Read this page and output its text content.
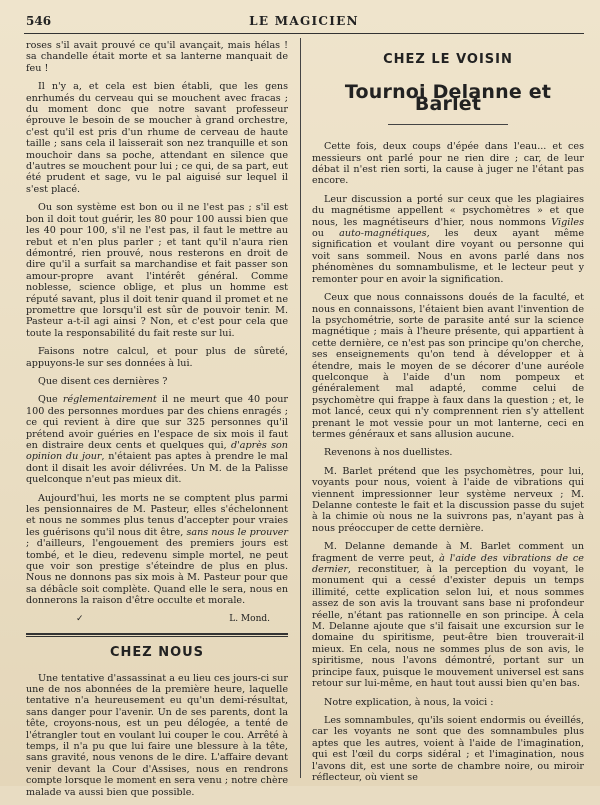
546	LE MAGICIEN

roses s'il avait prouvé ce qu'il avançait, mais hélas ! sa chandelle était morte et sa lanterne manquait de feu !

Il n'y a, et cela est bien établi, que les gens enrhumés du cerveau qui se mouchent avec fracas ; du moment donc que notre savant professeur éprouve le besoin de se moucher à grand orchestre, c'est qu'il est pris d'un rhume de cerveau de haute taille ; sans cela il laisserait son nez tranquille et son mouchoir dans sa poche, attendant en silence que d'autres se mouchent pour lui ; ce qui, de sa part, eut été prudent et sage, vu le pal aiguisé sur lequel il s'est placé.

Ou son système est bon ou il ne l'est pas ; s'il est bon il doit tout guérir, les 80 pour 100 aussi bien que les 40 pour 100, s'il ne l'est pas, il faut le mettre au rebut et n'en plus parler ; et tant qu'il n'aura rien démontré, rien prouvé, nous resterons en droit de dire qu'il a surfait sa marchandise et fait passer son amour-propre avant l'intérêt général. Comme noblesse, science oblige, et plus un homme est réputé savant, plus il doit tenir quand il promet et ne promettre que lorsqu'il est sûr de pouvoir tenir. M. Pasteur a-t-il agi ainsi ? Non, et c'est pour cela que toute la responsabilité du fait reste sur lui.

Faisons notre calcul, et pour plus de sûreté, appuyons-le sur ses données à lui.

Que disent ces dernières ?

Que réglementairement il ne meurt que 40 pour 100 des personnes mordues par des chiens enragés ; ce qui revient à dire que sur 325 personnes qu'il prétend avoir guéries en l'espace de six mois il faut en distraire deux cents et quelques qui, d'après son opinion du jour, n'étaient pas aptes à prendre le mal dont il disait les avoir délivrées. Un M. de la Palisse quelconque n'eut pas mieux dit.

Aujourd'hui, les morts ne se comptent plus parmi les pensionnaires de M. Pasteur, elles s'échelonnent et nous ne sommes plus tenus d'accepter pour vraies les guérisons qu'il nous dit être, sans nous le prouver ; d'ailleurs, l'engouement des premiers jours est tombé, et le dieu, redevenu simple mortel, ne peut que voir son prestige s'éteindre de plus en plus. Nous ne donnons pas six mois à M. Pasteur pour que sa débâcle soit complète. Quand elle le sera, nous en donnerons la raison d'être occulte et morale.

✓	L. Mond.
CHEZ NOUS

Une tentative d'assassinat a eu lieu ces jours-ci sur une de nos abonnées de la première heure, laquelle tentative n'a heureusement eu qu'un demi-résultat, sans danger pour l'avenir. Un de ses parents, dont la tête, croyons-nous, est un peu délogée, a tenté de l'étrangler tout en voulant lui couper le cou. Arrêté à temps, il n'a pu que lui faire une blessure à la tête, sans gravité, nous venons de le dire. L'affaire devant venir devant la Cour d'Assises, nous en rendrons compte lorsque le moment en sera venu ; notre chère malade va aussi bien que possible.

CHEZ LE VOISIN
Tournoi Delanne et Barlet

Cette fois, deux coups d'épée dans l'eau... et ces messieurs ont parlé pour ne rien dire ; car, de leur débat il n'est rien sorti, la cause à juger ne l'étant pas encore.

Leur discussion a porté sur ceux que les plagiaires du magnétisme appellent « psychomètres » et que nous, les magnétiseurs d'hier, nous nommons Vigiles ou auto-magnétiques, les deux ayant même signification et voulant dire voyant ou personne qui voit sans sommeil. Nous en avons parlé dans nos phénomènes du somnambulisme, et le lecteur peut y remonter pour en avoir la signification.

Ceux que nous connaissons doués de la faculté, et nous en connaissons, l'étaient bien avant l'invention de la psychométrie, sorte de parasite anté sur la science magnétique ; mais à l'heure présente, qui appartient à cette dernière, ce n'est pas son principe qu'on cherche, ses enseignements qu'on tend à développer et à étendre, mais le moyen de se décorer d'une auréole quelconque à l'aide d'un nom pompeux et généralement mal adapté, comme celui de psychomètre qui frappe à faux dans la question ; et, le mot lancé, ceux qui n'y comprennent rien s'y attellent prenant le mot vessie pour un mot lanterne, ceci en termes généraux et sans allusion aucune.

Revenons à nos duellistes.

M. Barlet prétend que les psychomètres, pour lui, voyants pour nous, voient à l'aide de vibrations qui viennent impressionner leur système nerveux ; M. Delanne conteste le fait et la discussion passe du sujet à la chimie où nous ne la suivrons pas, n'ayant pas à nous préoccuper de cette dernière.

M. Delanne demande à M. Barlet comment un fragment de verre peut, à l'aide des vibrations de ce dernier, reconstituer, à la perception du voyant, le monument qui a cessé d'exister depuis un temps illimité, cette explication selon lui, et nous sommes assez de son avis la trouvant sans base ni profondeur réelle, n'étant pas rationnelle en son principe. À cela M. Delanne ajoute que s'il faisait une excursion sur le domaine du spiritisme, peut-être bien trouverait-il mieux. En cela, nous ne sommes plus de son avis, le spiritisme, nous l'avons démontré, portant sur un principe faux, puisque le mouvement universel est sans retour sur lui-même, en haut tout aussi bien qu'en bas.

Notre explication, à nous, la voici :

Les somnambules, qu'ils soient endormis ou éveillés, car les voyants ne sont que des somnambules plus aptes que les autres, voient à l'aide de l'imagination, qui est l'œil du corps sidéral ; et l'imagination, nous l'avons dit, est une sorte de chambre noire, ou miroir réflecteur, où vient se
